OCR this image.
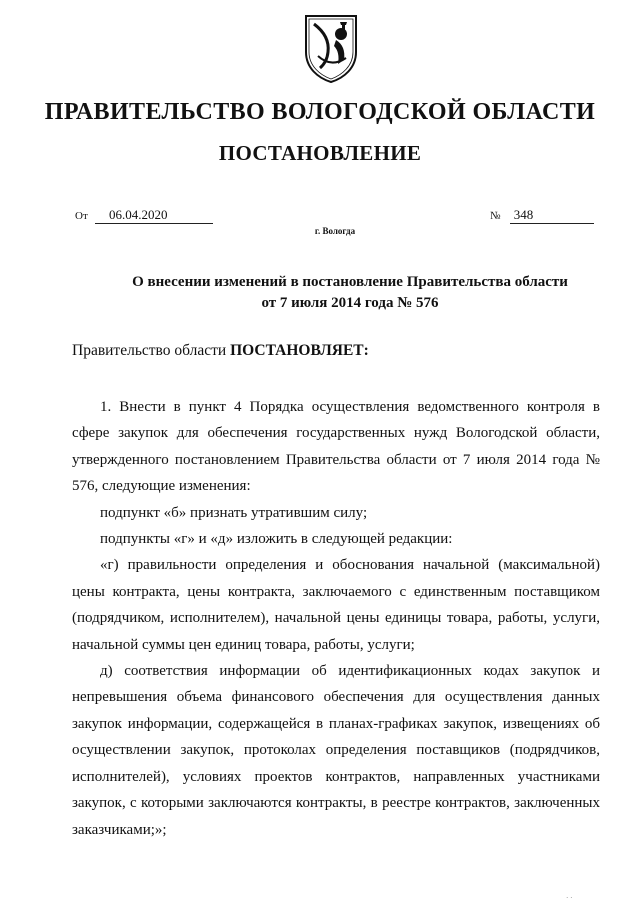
ПРАВИТЕЛЬСТВО ВОЛОГОДСКОЙ ОБЛАСТИ
ПОСТАНОВЛЕНИЕ
От 06.04.2020	№ 348
г. Вологда
О внесении изменений в постановление Правительства области
от 7 июля 2014 года № 576
Правительство области ПОСТАНОВЛЯЕТ:

1. Внести в пункт 4 Порядка осуществления ведомственного контроля в сфере закупок для обеспечения государственных нужд Вологодской области, утвержденного постановлением Правительства области от 7 июля 2014 года № 576, следующие изменения:

подпункт «б» признать утратившим силу;

подпункты «г» и «д» изложить в следующей редакции:

«г) правильности определения и обоснования начальной (максимальной) цены контракта, цены контракта, заключаемого с единственным поставщиком (подрядчиком, исполнителем), начальной цены единицы товара, работы, услуги, начальной суммы цен единиц товара, работы, услуги;

д) соответствия информации об идентификационных кодах закупок и непревышения объема финансового обеспечения для осуществления данных закупок информации, содержащейся в планах-графиках закупок, извещениях об осуществлении закупок, протоколах определения поставщиков (подрядчиков, исполнителей), условиях проектов контрактов, направленных участниками закупок, с которыми заключаются контракты, в реестре контрактов, заключенных заказчиками;»;

· ·
